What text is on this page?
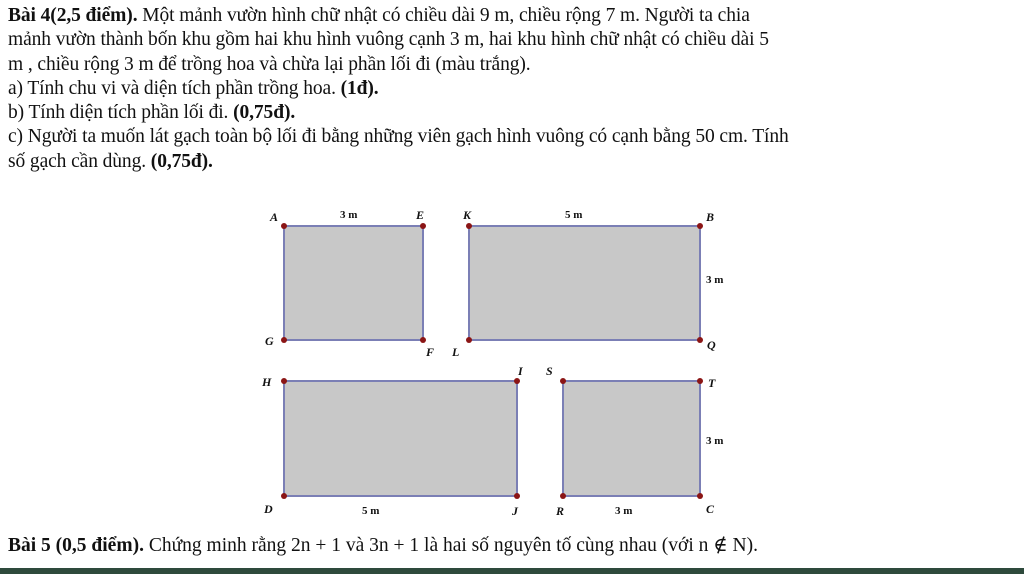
Bài 4(2,5 điểm). Một mảnh vườn hình chữ nhật có chiều dài 9 m, chiều rộng 7 m. Người ta chia
mảnh vườn thành bốn khu gồm hai khu hình vuông cạnh 3 m, hai khu hình chữ nhật có chiều dài 5
m , chiều rộng 3 m để trồng hoa và chừa lại phần lối đi (màu trắng).
a) Tính chu vi và diện tích phần trồng hoa. (1đ).
b) Tính diện tích phần lối đi. (0,75đ).
c) Người ta muốn lát gạch toàn bộ lối đi bằng những viên gạch hình vuông có cạnh bằng 50 cm. Tính
số gạch cần dùng. (0,75đ).
A	E	K	B
G
F L	Q
H
I S
T
D	J	R	C
3 m	5 m
3 m
3 m
5 m	3 m
Bài 5 (0,5 điểm). Chứng minh rằng 2n + 1 và 3n + 1 là hai số nguyên tố cùng nhau (với n ∉ N).
